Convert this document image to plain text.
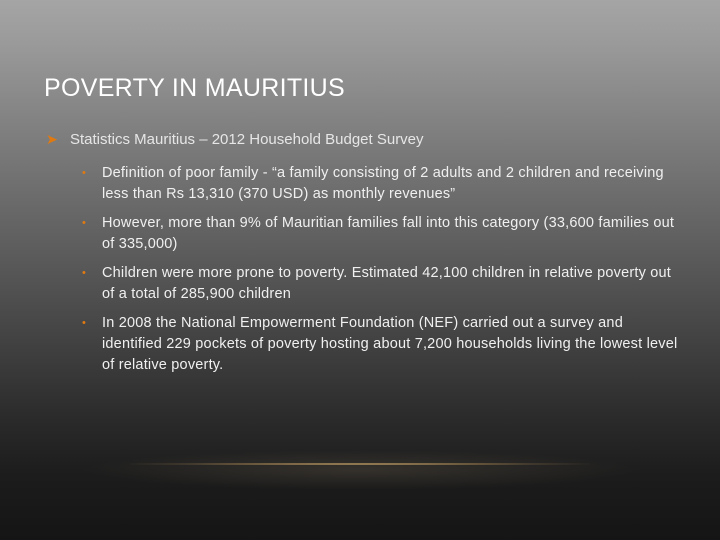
POVERTY IN MAURITIUS
➤ Statistics Mauritius – 2012 Household Budget Survey
• Definition of poor family - “a family consisting of 2 adults and 2 children and receiving less than Rs 13,310 (370 USD) as monthly revenues”
• However, more than 9% of Mauritian families fall into this category (33,600 families out of 335,000)
• Children were more prone to poverty. Estimated 42,100 children in relative poverty out of a total of 285,900 children
• In 2008 the National Empowerment Foundation (NEF) carried out a survey and identified 229 pockets of poverty hosting about 7,200 households living the lowest level of relative poverty.
